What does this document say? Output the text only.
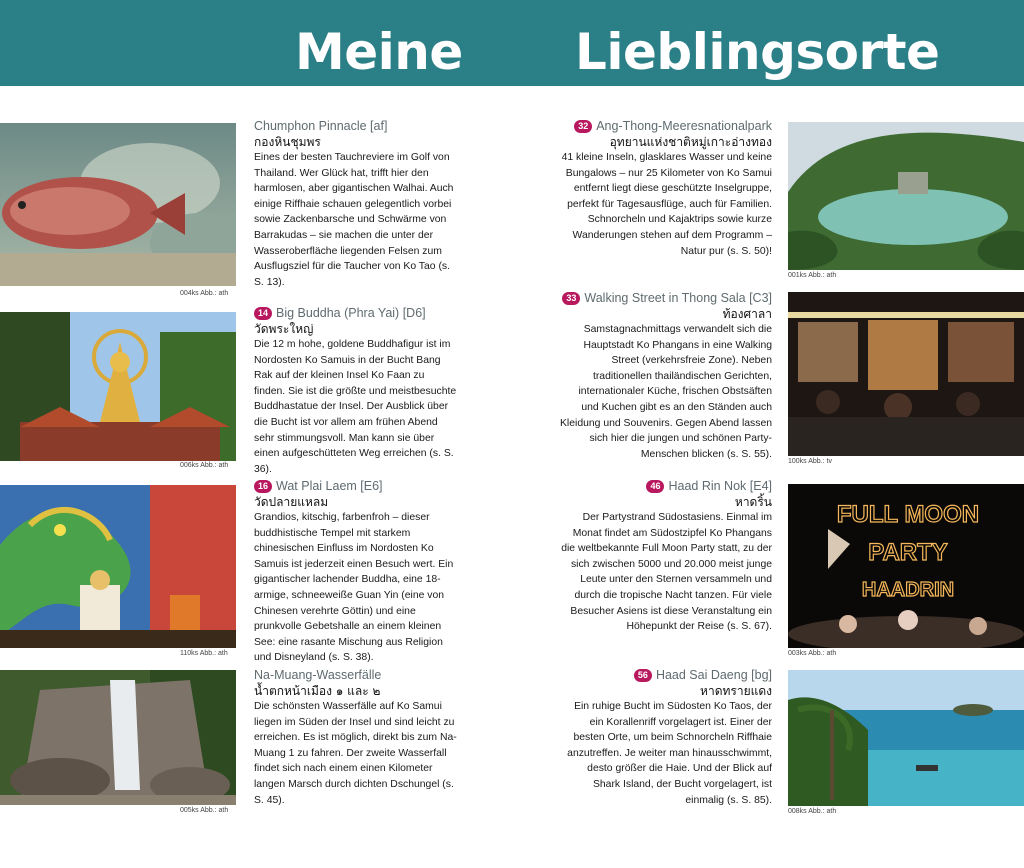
Meine Lieblingsorte
004ks Abb.: ath
006ks Abb.: ath
110ks Abb.: ath
005ks Abb.: ath
001ks Abb.: ath
100ks Abb.: tv
FULL MOON
PARTY
HAADRIN
003ks Abb.: ath
008ks Abb.: ath
Chumphon Pinnacle [af]
กองหินชุมพร
Eines der besten Tauchreviere im Golf von Thailand. Wer Glück hat, trifft hier den harmlosen, aber gigantischen Walhai. Auch einige Riffhaie schauen gelegentlich vorbei sowie Zackenbarsche und Schwärme von Barrakudas – sie machen die unter der Wasseroberfläche liegenden Felsen zum Ausflugsziel für die Taucher von Ko Tao (s. S. 13).
14 Big Buddha (Phra Yai) [D6]
วัดพระใหญ่
Die 12 m hohe, goldene Buddhafigur ist im Nordosten Ko Samuis in der Bucht Bang Rak auf der kleinen Insel Ko Faan zu finden. Sie ist die größte und meistbesuchte Buddhastatue der Insel. Der Ausblick über die Bucht ist vor allem am frühen Abend sehr stimmungsvoll. Man kann sie über einen aufgeschütteten Weg erreichen (s. S. 36).
16 Wat Plai Laem [E6]
วัดปลายแหลม
Grandios, kitschig, farbenfroh – dieser buddhistische Tempel mit starkem chinesischen Einfluss im Nordosten Ko Samuis ist jederzeit einen Besuch wert. Ein gigantischer lachender Buddha, eine 18-armige, schneeweiße Guan Yin (eine von Chinesen verehrte Göttin) und eine prunkvolle Gebetshalle an einem kleinen See: eine rasante Mischung aus Religion und Disneyland (s. S. 38).
Na-Muang-Wasserfälle
น้ำตกหน้าเมือง ๑ และ ๒
Die schönsten Wasserfälle auf Ko Samui liegen im Süden der Insel und sind leicht zu erreichen. Es ist möglich, direkt bis zum Na-Muang 1 zu fahren. Der zweite Wasserfall findet sich nach einem einen Kilometer langen Marsch durch dichten Dschungel (s. S. 45).
32 Ang-Thong-Meeresnationalpark
อุทยานแห่งชาติหมู่เกาะอ่างทอง
41 kleine Inseln, glasklares Wasser und keine Bungalows – nur 25 Kilometer von Ko Samui entfernt liegt diese geschützte Inselgruppe, perfekt für Tagesausflüge, auch für Familien. Schnorcheln und Kajaktrips sowie kurze Wanderungen stehen auf dem Programm – Natur pur (s. S. 50)!
33 Walking Street in Thong Sala [C3]
ท้องศาลา
Samstagnachmittags verwandelt sich die Hauptstadt Ko Phangans in eine Walking Street (verkehrsfreie Zone). Neben traditionellen thailändischen Gerichten, internationaler Küche, frischen Obstsäften und Kuchen gibt es an den Ständen auch Kleidung und Souvenirs. Gegen Abend lassen sich hier die jungen und schönen Party-Menschen blicken (s. S. 55).
46 Haad Rin Nok [E4]
หาดริ้น
Der Partystrand Südostasiens. Einmal im Monat findet am Südostzipfel Ko Phangans die weltbekannte Full Moon Party statt, zu der sich zwischen 5000 und 20.000 meist junge Leute unter den Sternen versammeln und durch die tropische Nacht tanzen. Für viele Besucher Asiens ist diese Veranstaltung ein Höhepunkt der Reise (s. S. 67).
56 Haad Sai Daeng [bg]
หาดทรายแดง
Ein ruhige Bucht im Südosten Ko Taos, der ein Korallenriff vorgelagert ist. Einer der besten Orte, um beim Schnorcheln Riffhaie anzutreffen. Je weiter man hinausschwimmt, desto größer die Haie. Und der Blick auf Shark Island, der Bucht vorgelagert, ist einmalig (s. S. 85).
